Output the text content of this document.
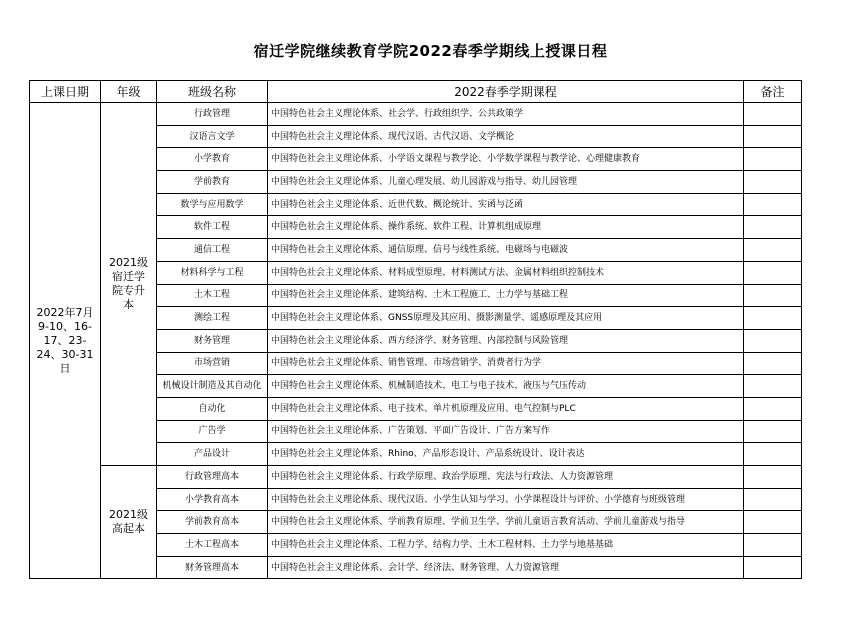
宿迁学院继续教育学院2022春季学期线上授课日程
上课日期	年级	班级名称	2022春季学期课程	备注
2022年7月9-10、16-17、23-24、30-31日	2021级宿迁学院专升本	行政管理	中国特色社会主义理论体系、社会学、行政组织学、公共政策学	
		汉语言文学	中国特色社会主义理论体系、现代汉语、古代汉语、文学概论	
		小学教育	中国特色社会主义理论体系、小学语文课程与教学论、小学数学课程与教学论、心理健康教育	
		学前教育	中国特色社会主义理论体系、儿童心理发展、幼儿园游戏与指导、幼儿园管理	
		数学与应用数学	中国特色社会主义理论体系、近世代数、概论统计、实函与泛函	
		软件工程	中国特色社会主义理论体系、操作系统、软件工程、计算机组成原理	
		通信工程	中国特色社会主义理论体系、通信原理、信号与线性系统、电磁场与电磁波	
		材料科学与工程	中国特色社会主义理论体系、材料成型原理、材料测试方法、金属材料组织控制技术	
		土木工程	中国特色社会主义理论体系、建筑结构、土木工程施工、土力学与基础工程	
		测绘工程	中国特色社会主义理论体系、GNSS原理及其应用、摄影测量学、遥感原理及其应用	
		财务管理	中国特色社会主义理论体系、西方经济学、财务管理、内部控制与风险管理	
		市场营销	中国特色社会主义理论体系、销售管理、市场营销学、消费者行为学	
		机械设计制造及其自动化	中国特色社会主义理论体系、机械制造技术、电工与电子技术、液压与气压传动	
		自动化	中国特色社会主义理论体系、电子技术、单片机原理及应用、电气控制与PLC	
		广告学	中国特色社会主义理论体系、广告策划、平面广告设计、广告方案写作	
		产品设计	中国特色社会主义理论体系、Rhino、产品形态设计、产品系统设计、设计表达	
	2021级高起本	行政管理高本	中国特色社会主义理论体系、行政学原理、政治学原理、宪法与行政法、人力资源管理	
		小学教育高本	中国特色社会主义理论体系、现代汉语、小学生认知与学习、小学课程设计与评价、小学德育与班级管理	
		学前教育高本	中国特色社会主义理论体系、学前教育原理、学前卫生学、学前儿童语言教育活动、学前儿童游戏与指导	
		土木工程高本	中国特色社会主义理论体系、工程力学、结构力学、土木工程材料、土力学与地基基础	
		财务管理高本	中国特色社会主义理论体系、会计学、经济法、财务管理、人力资源管理	
